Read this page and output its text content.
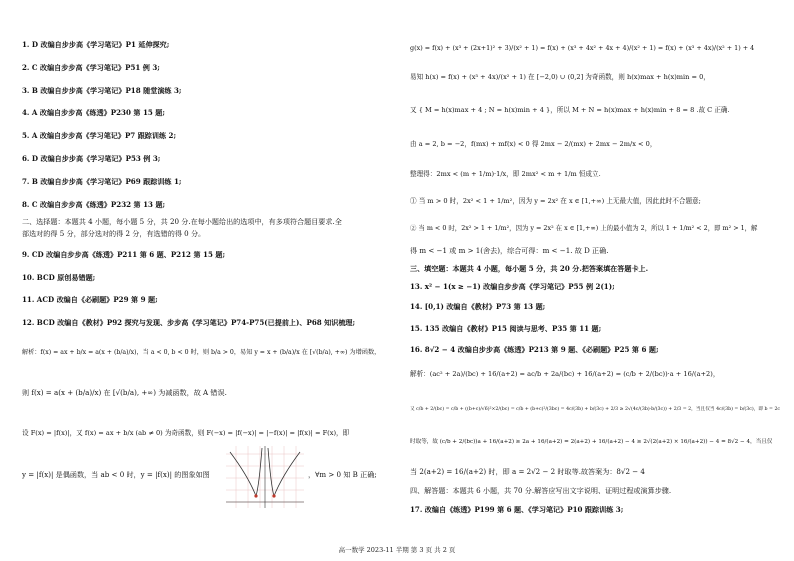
1. D 改编自步步高《学习笔记》P1 延伸探究;
2. C 改编自步步高《学习笔记》P51 例 3;
3. B 改编自步步高《学习笔记》P18 随堂演练 3;
4. A 改编自步步高《练透》P230 第 15 题;
5. A 改编自步步高《学习笔记》P7 跟踪训练 2;
6. D 改编自步步高《学习笔记》P53 例 3;
7. B 改编自步步高《学习笔记》P69 跟踪训练 1;
8. C 改编自步步高《练透》P232 第 13 题;
二、选择题：本题共 4 小题，每小题 5 分，共 20 分.在每小题给出的选项中，有多项符合题目要求.全
部选对的得 5 分，部分选对的得 2 分，有选错的得 0 分。
9. CD 改编自步步高《练透》P211 第 6 题、P212 第 15 题;
10. BCD 原创易错题;
11. ACD 改编自《必刷题》P29 第 9 题;
12. BCD 改编自《教材》P92 探究与发现、步步高《学习笔记》P74-P75(已提前上)、P68 知识梳理;
解析：f(x) = ax + b/x = a(x + (b/a)/x)，当 a < 0, b < 0 时，则 b/a > 0，易知 y = x + (b/a)/x 在 [√(b/a), +∞) 为增函数，
则 f(x) = a(x + (b/a)/x) 在 [√(b/a), +∞) 为减函数，故 A 错误.
设 F(x) = |f(x)|，又 f(x) = ax + b/x (ab ≠ 0) 为奇函数，则 F(−x) = |f(−x)| = |−f(x)| = |f(x)| = F(x)，即
y = |f(x)| 是偶函数，当 ab < 0 时，y = |f(x)| 的图象如图	，∀m > 0 知 B 正确;
g(x) = f(x) + (x³ + (2x+1)² + 3)/(x² + 1) = f(x) + (x³ + 4x² + 4x + 4)/(x² + 1) = f(x) + (x³ + 4x)/(x² + 1) + 4
易知 h(x) = f(x) + (x³ + 4x)/(x² + 1) 在 [−2,0) ∪ (0,2] 为奇函数，则 h(x)max + h(x)min = 0，
又 { M = h(x)max + 4 ; N = h(x)min + 4 }，所以 M + N = h(x)max + h(x)min + 8 = 8 .故 C 正确.
由 a = 2, b = −2，f(mx) + mf(x) < 0 得 2mx − 2/(mx) + 2mx − 2m/x < 0，
整理得：2mx < (m + 1/m)·1/x，即 2mx² < m + 1/m 恒成立.
① 当 m > 0 时，2x² < 1 + 1/m²，因为 y = 2x² 在 x ∈ [1,+∞) 上无最大值，因此此时不合题意;
② 当 m < 0 时，2x² > 1 + 1/m²，因为 y = 2x² 在 x ∈ [1,+∞) 上的最小值为 2，所以 1 + 1/m² < 2，即 m² > 1，解
得 m < −1 或 m > 1(舍去)，综合可得：m < −1. 故 D 正确.
三、填空题：本题共 4 小题，每小题 5 分，共 20 分.把答案填在答题卡上.
13. x² − 1(x ≥ −1) 改编自步步高《学习笔记》P55 例 2(1);
14. [0,1) 改编自《教材》P73 第 13 题;
15. 135 改编自《教材》P15 阅读与思考、P35 第 11 题;
16. 8√2 − 4 改编自步步高《练透》P213 第 9 题、《必刷题》P25 第 6 题;
解析：(ac² + 2a)/(bc) + 16/(a+2) = ac/b + 2a/(bc) + 16/(a+2) = (c/b + 2/(bc))·a + 16/(a+2)，
又 c/b + 2/(bc) = c/b + ((b+c)/√6)²×2/(bc) = c/b + (b+c)²/(3bc) = 4c/(3b) + b/(3c) + 2/3 ≥ 2√(4c/(3b)·b/(3c)) + 2/3 = 2，当且仅当 4c/(3b) = b/(3c)，即 b = 2c
时取等，故 (c/b + 2/(bc))a + 16/(a+2) ≥ 2a + 16/(a+2) = 2(a+2) + 16/(a+2) − 4 ≥ 2√(2(a+2) × 16/(a+2)) − 4 = 8√2 − 4，当且仅
当 2(a+2) = 16/(a+2) 时，即 a = 2√2 − 2 时取等.故答案为：8√2 − 4
四、解答题：本题共 6 小题，共 70 分.解答应写出文字说明、证明过程或演算步骤.
17. 改编自《练透》P199 第 6 题、《学习笔记》P10 跟踪训练 3;
高一数学 2023-11 半期 第 3 页 共 2 页
